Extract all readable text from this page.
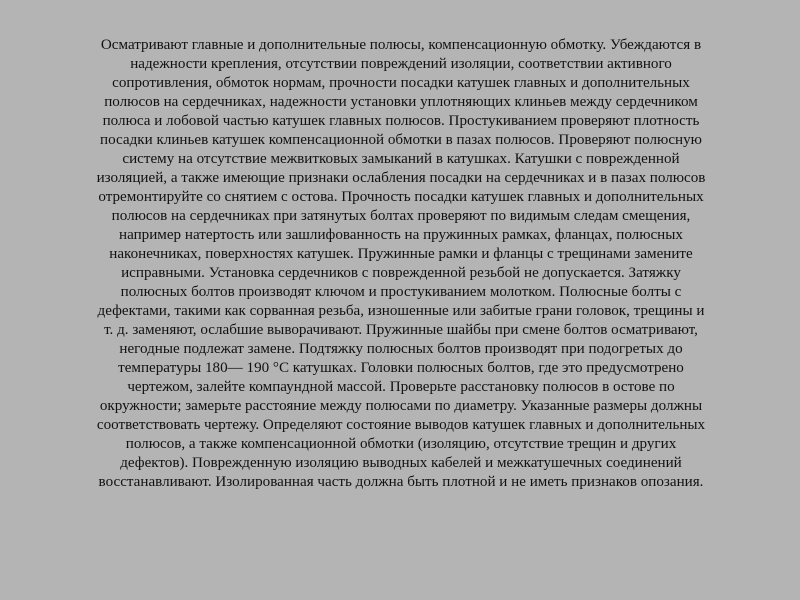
Осматривают главные и дополнительные полюсы, компенсационную обмотку. Убеждаются в
надежности крепления, отсутствии повреждений изоляции, соответствии активного
сопротивления, обмоток нормам, прочности посадки катушек главных и дополнительных
полюсов на сердечниках, надежности установки уплотняющих клиньев между сердечником
полюса и лобовой частью катушек главных полюсов. Простукиванием проверяют плотность
посадки клиньев катушек компенсационной обмотки в пазах полюсов. Проверяют полюсную
систему на отсутствие межвитковых замыканий в катушках. Катушки с поврежденной
изоляцией, а также имеющие признаки ослабления посадки на сердечниках и в пазах полюсов
отремонтируйте со снятием с остова. Прочность посадки катушек главных и дополнительных
полюсов на сердечниках при затянутых болтах проверяют по видимым следам смещения,
например натертость или зашлифованность на пружинных рамках, фланцах, полюсных
наконечниках, поверхностях катушек. Пружинные рамки и фланцы с трещинами замените
исправными. Установка сердечников с поврежденной резьбой не допускается. Затяжку
полюсных болтов производят ключом и простукиванием молотком. Полюсные болты с
дефектами, такими как сорванная резьба, изношенные или забитые грани головок, трещины и
т. д. заменяют, ослабшие выворачивают. Пружинные шайбы при смене болтов осматривают,
негодные подлежат замене. Подтяжку полюсных болтов производят при подогретых до
температуры 180— 190 °С катушках. Головки полюсных болтов, где это предусмотрено
чертежом, залейте компаундной массой. Проверьте расстановку полюсов в остове по
окружности; замерьте расстояние между полюсами по диаметру. Указанные размеры должны
соответствовать чертежу. Определяют состояние выводов катушек главных и дополнительных
полюсов, а также компенсационной обмотки (изоляцию, отсутствие трещин и других
дефектов). Поврежденную изоляцию выводных кабелей и межкатушечных соединений
восстанавливают. Изолированная часть должна быть плотной и не иметь признаков опозания.
